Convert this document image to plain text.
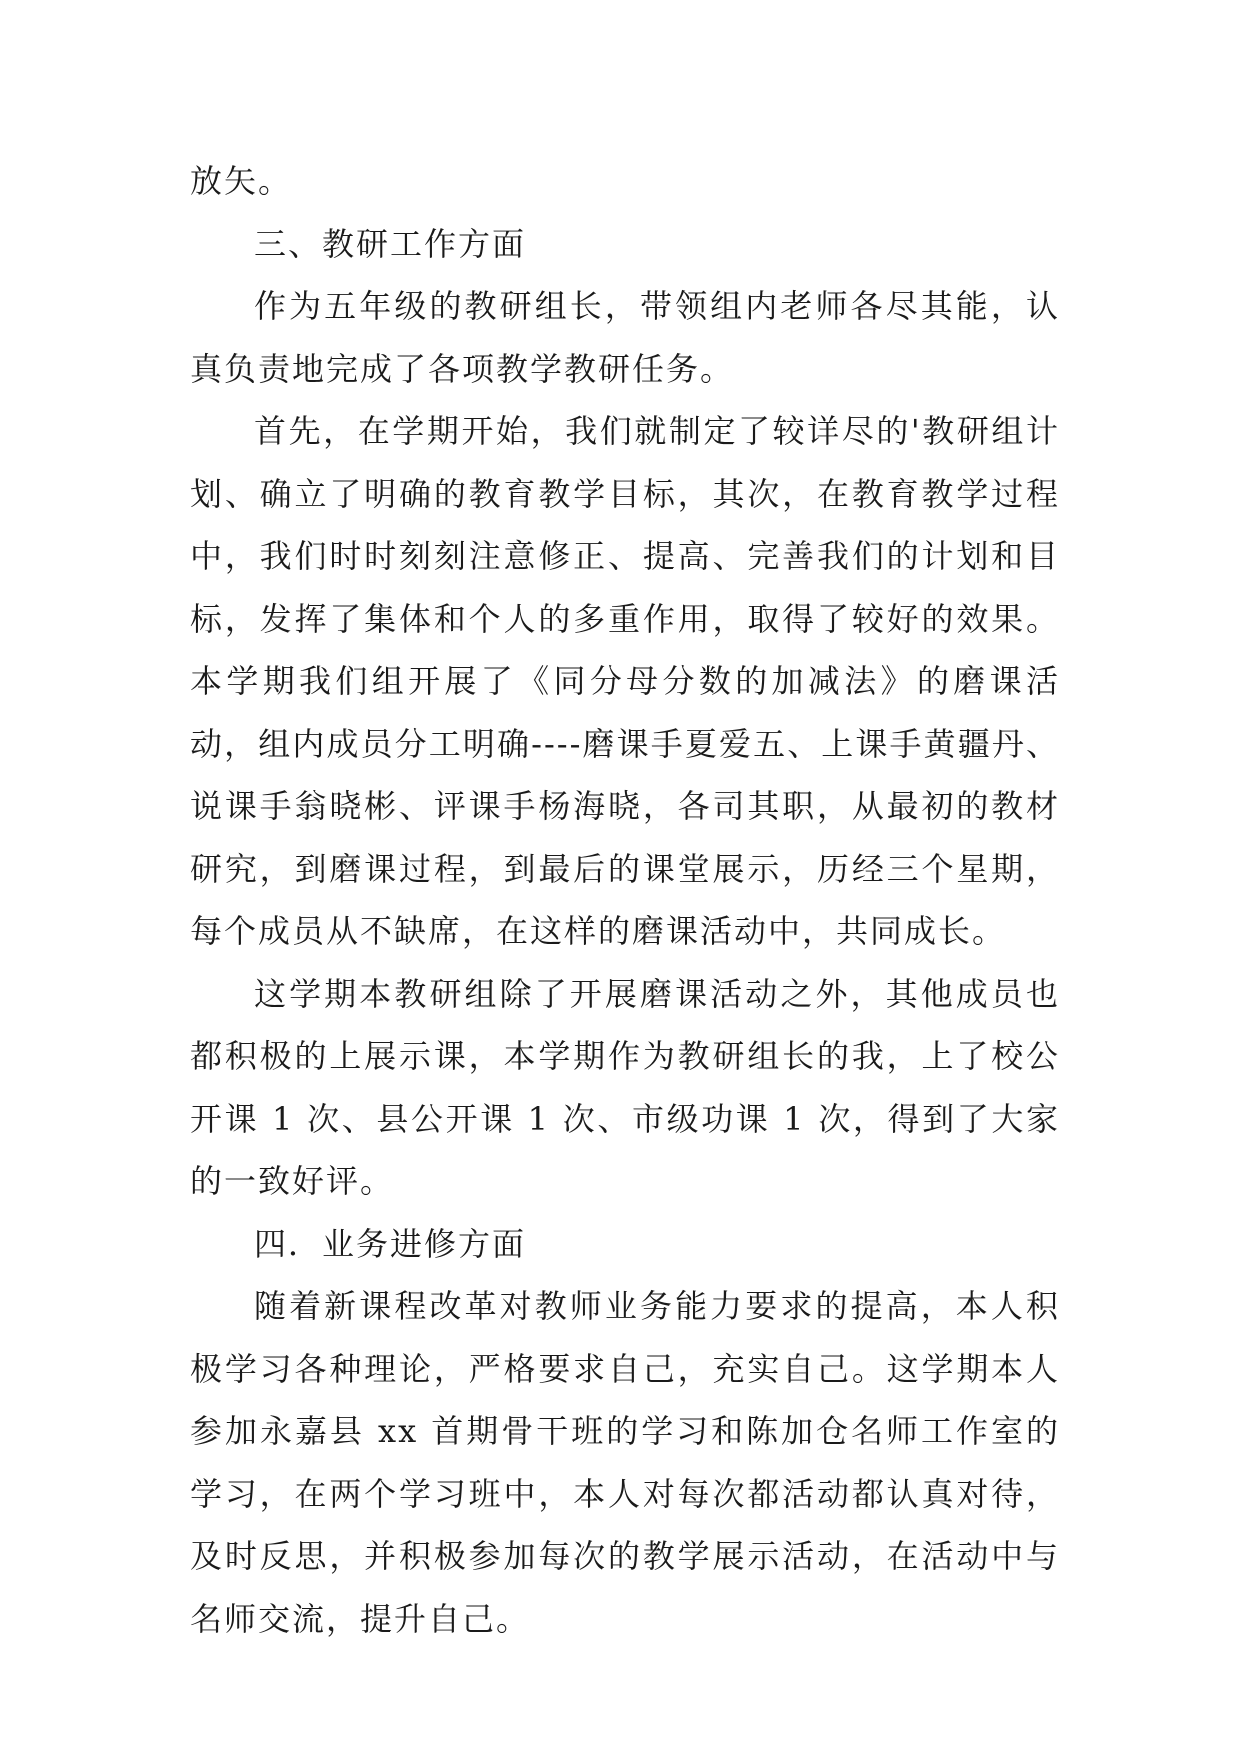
放矢。

三、教研工作方面

作为五年级的教研组长，带领组内老师各尽其能，认真负责地完成了各项教学教研任务。

首先，在学期开始，我们就制定了较详尽的'教研组计划、确立了明确的教育教学目标，其次，在教育教学过程中，我们时时刻刻注意修正、提高、完善我们的计划和目标，发挥了集体和个人的多重作用，取得了较好的效果。本学期我们组开展了《同分母分数的加减法》的磨课活动，组内成员分工明确----磨课手夏爱五、上课手黄疆丹、说课手翁晓彬、评课手杨海晓，各司其职，从最初的教材研究，到磨课过程，到最后的课堂展示，历经三个星期，每个成员从不缺席，在这样的磨课活动中，共同成长。

这学期本教研组除了开展磨课活动之外，其他成员也都积极的上展示课，本学期作为教研组长的我，上了校公开课 1 次、县公开课 1 次、市级功课 1 次，得到了大家的一致好评。

四．业务进修方面

随着新课程改革对教师业务能力要求的提高，本人积极学习各种理论，严格要求自己，充实自己。这学期本人参加永嘉县 xx 首期骨干班的学习和陈加仓名师工作室的学习，在两个学习班中，本人对每次都活动都认真对待，及时反思，并积极参加每次的教学展示活动，在活动中与名师交流，提升自己。
